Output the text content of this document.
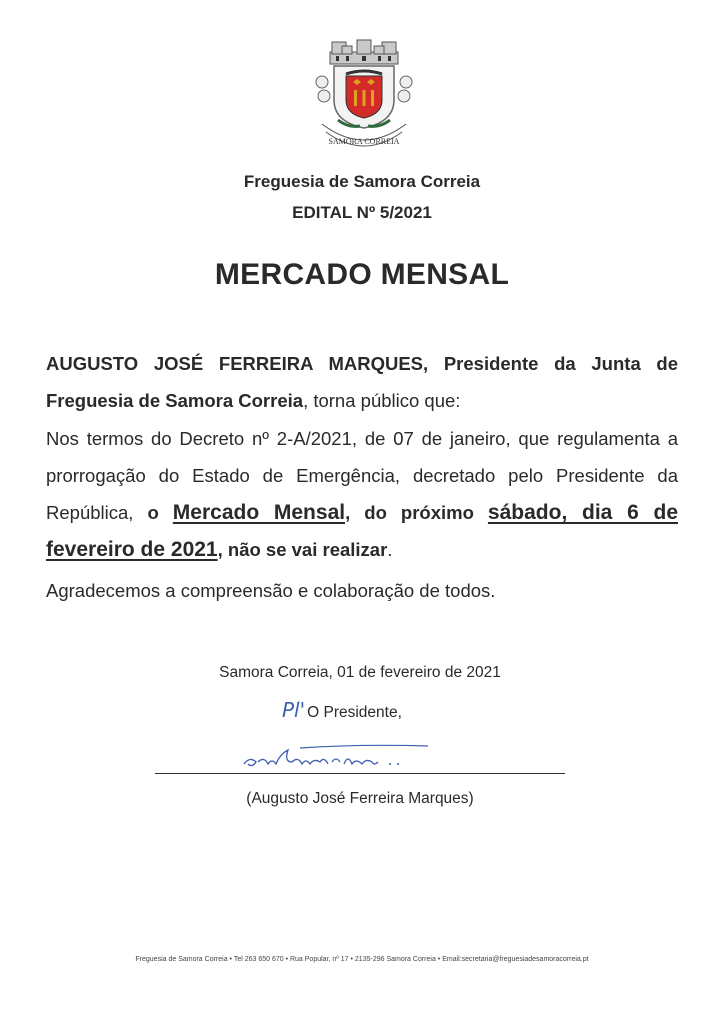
SAMORA CORREIA
Freguesia de Samora Correia
EDITAL Nº 5/2021
MERCADO MENSAL
AUGUSTO JOSÉ FERREIRA MARQUES, Presidente da Junta de Freguesia de Samora Correia, torna público que:
Nos termos do Decreto nº 2-A/2021, de 07 de janeiro, que regulamenta a prorrogação do Estado de Emergência, decretado pelo Presidente da República, o Mercado Mensal, do próximo sábado, dia 6 de fevereiro de 2021, não se vai realizar.
Agradecemos a compreensão e colaboração de todos.
Samora Correia, 01 de fevereiro de 2021
Pl' O Presidente,
(Augusto José Ferreira Marques)
Freguesia de Samora Correia • Tel 263 650 670 • Rua Popular, nº 17 • 2135-296 Samora Correia • Email:secretaria@freguesiadesamoracorreia.pt
